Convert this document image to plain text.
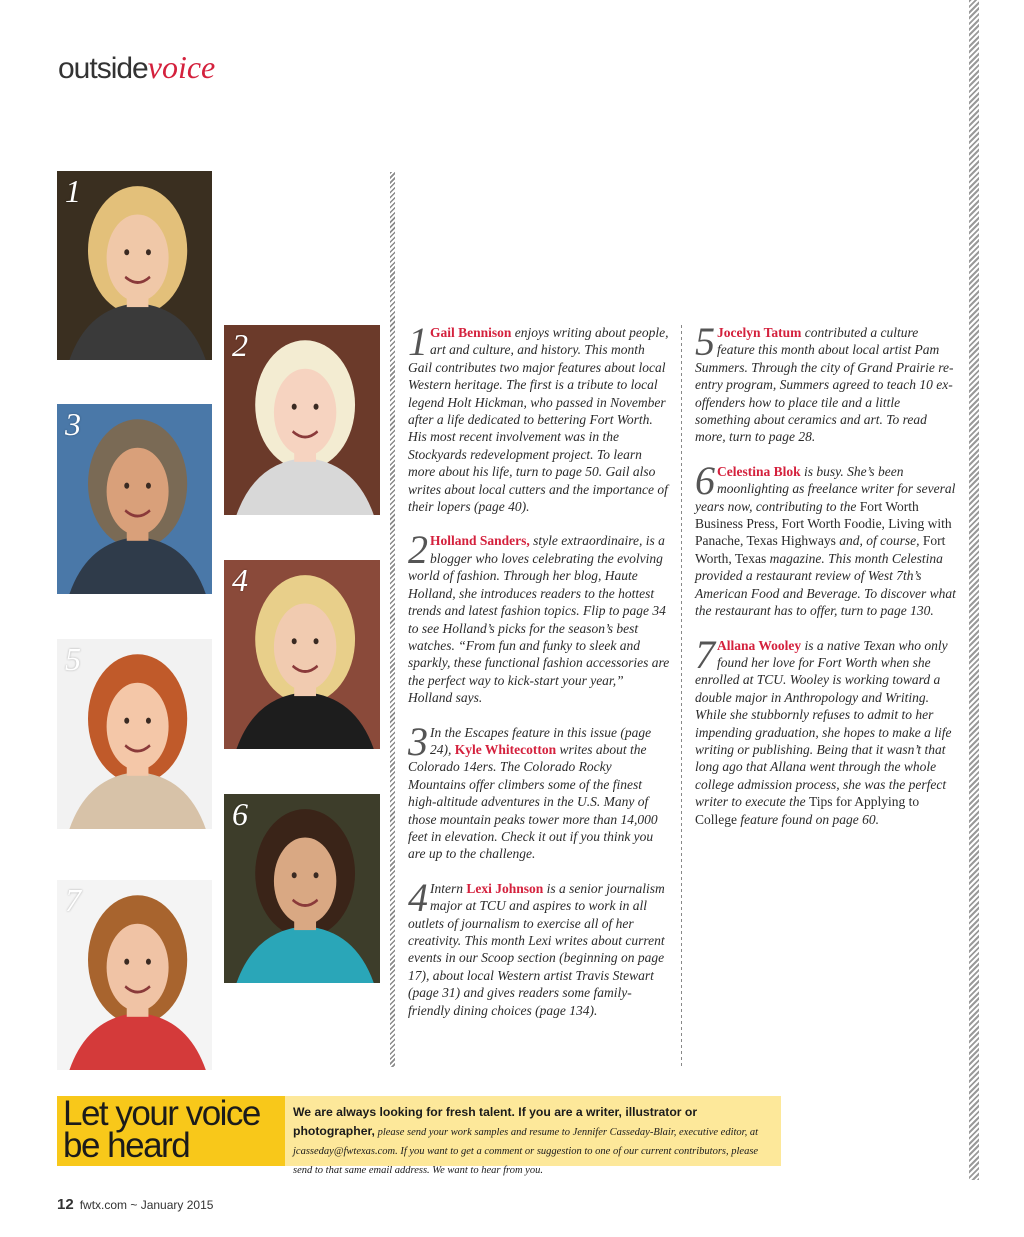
outsidevoice
1
2
3
4
5
6
7

1 Gail Bennison enjoys writing about people, art and culture, and history. This month Gail contributes two major features about local Western heritage. The first is a tribute to local legend Holt Hickman, who passed in November after a life dedicated to bettering Fort Worth. His most recent involvement was in the Stockyards redevelopment project. To learn more about his life, turn to page 50. Gail also writes about local cutters and the importance of their lopers (page 40).

2 Holland Sanders, style extraordinaire, is a blogger who loves celebrating the evolving world of fashion. Through her blog, Haute Holland, she introduces readers to the hottest trends and latest fashion topics. Flip to page 34 to see Holland’s picks for the season’s best watches. “From fun and funky to sleek and sparkly, these functional fashion accessories are the perfect way to kick-start your year,” Holland says.

3 In the Escapes feature in this issue (page 24), Kyle Whitecotton writes about the Colorado 14ers. The Colorado Rocky Mountains offer climbers some of the finest high-altitude adventures in the U.S. Many of those mountain peaks tower more than 14,000 feet in elevation. Check it out if you think you are up to the challenge.

4 Intern Lexi Johnson is a senior journalism major at TCU and aspires to work in all outlets of journalism to exercise all of her creativity. This month Lexi writes about current events in our Scoop section (beginning on page 17), about local Western artist Travis Stewart (page 31) and gives readers some family-friendly dining choices (page 134).

5 Jocelyn Tatum contributed a culture feature this month about local artist Pam Summers. Through the city of Grand Prairie re-entry program, Summers agreed to teach 10 ex-offenders how to place tile and a little something about ceramics and art. To read more, turn to page 28.

6 Celestina Blok is busy. She’s been moonlighting as freelance writer for several years now, contributing to the Fort Worth Business Press, Fort Worth Foodie, Living with Panache, Texas Highways and, of course, Fort Worth, Texas magazine. This month Celestina provided a restaurant review of West 7th’s American Food and Beverage. To discover what the restaurant has to offer, turn to page 130.

7 Allana Wooley is a native Texan who only found her love for Fort Worth when she enrolled at TCU. Wooley is working toward a double major in Anthropology and Writing. While she stubbornly refuses to admit to her impending graduation, she hopes to make a life writing or publishing. Being that it wasn’t that long ago that Allana went through the whole college admission process, she was the perfect writer to execute the Tips for Applying to College feature found on page 60.

Let your voice be heard
We are always looking for fresh talent. If you are a writer, illustrator or photographer, please send your work samples and resume to Jennifer Casseday-Blair, executive editor, at jcasseday@fwtexas.com. If you want to get a comment or suggestion to one of our current contributors, please send to that same email address. We want to hear from you.
12 fwtx.com ~ January 2015
